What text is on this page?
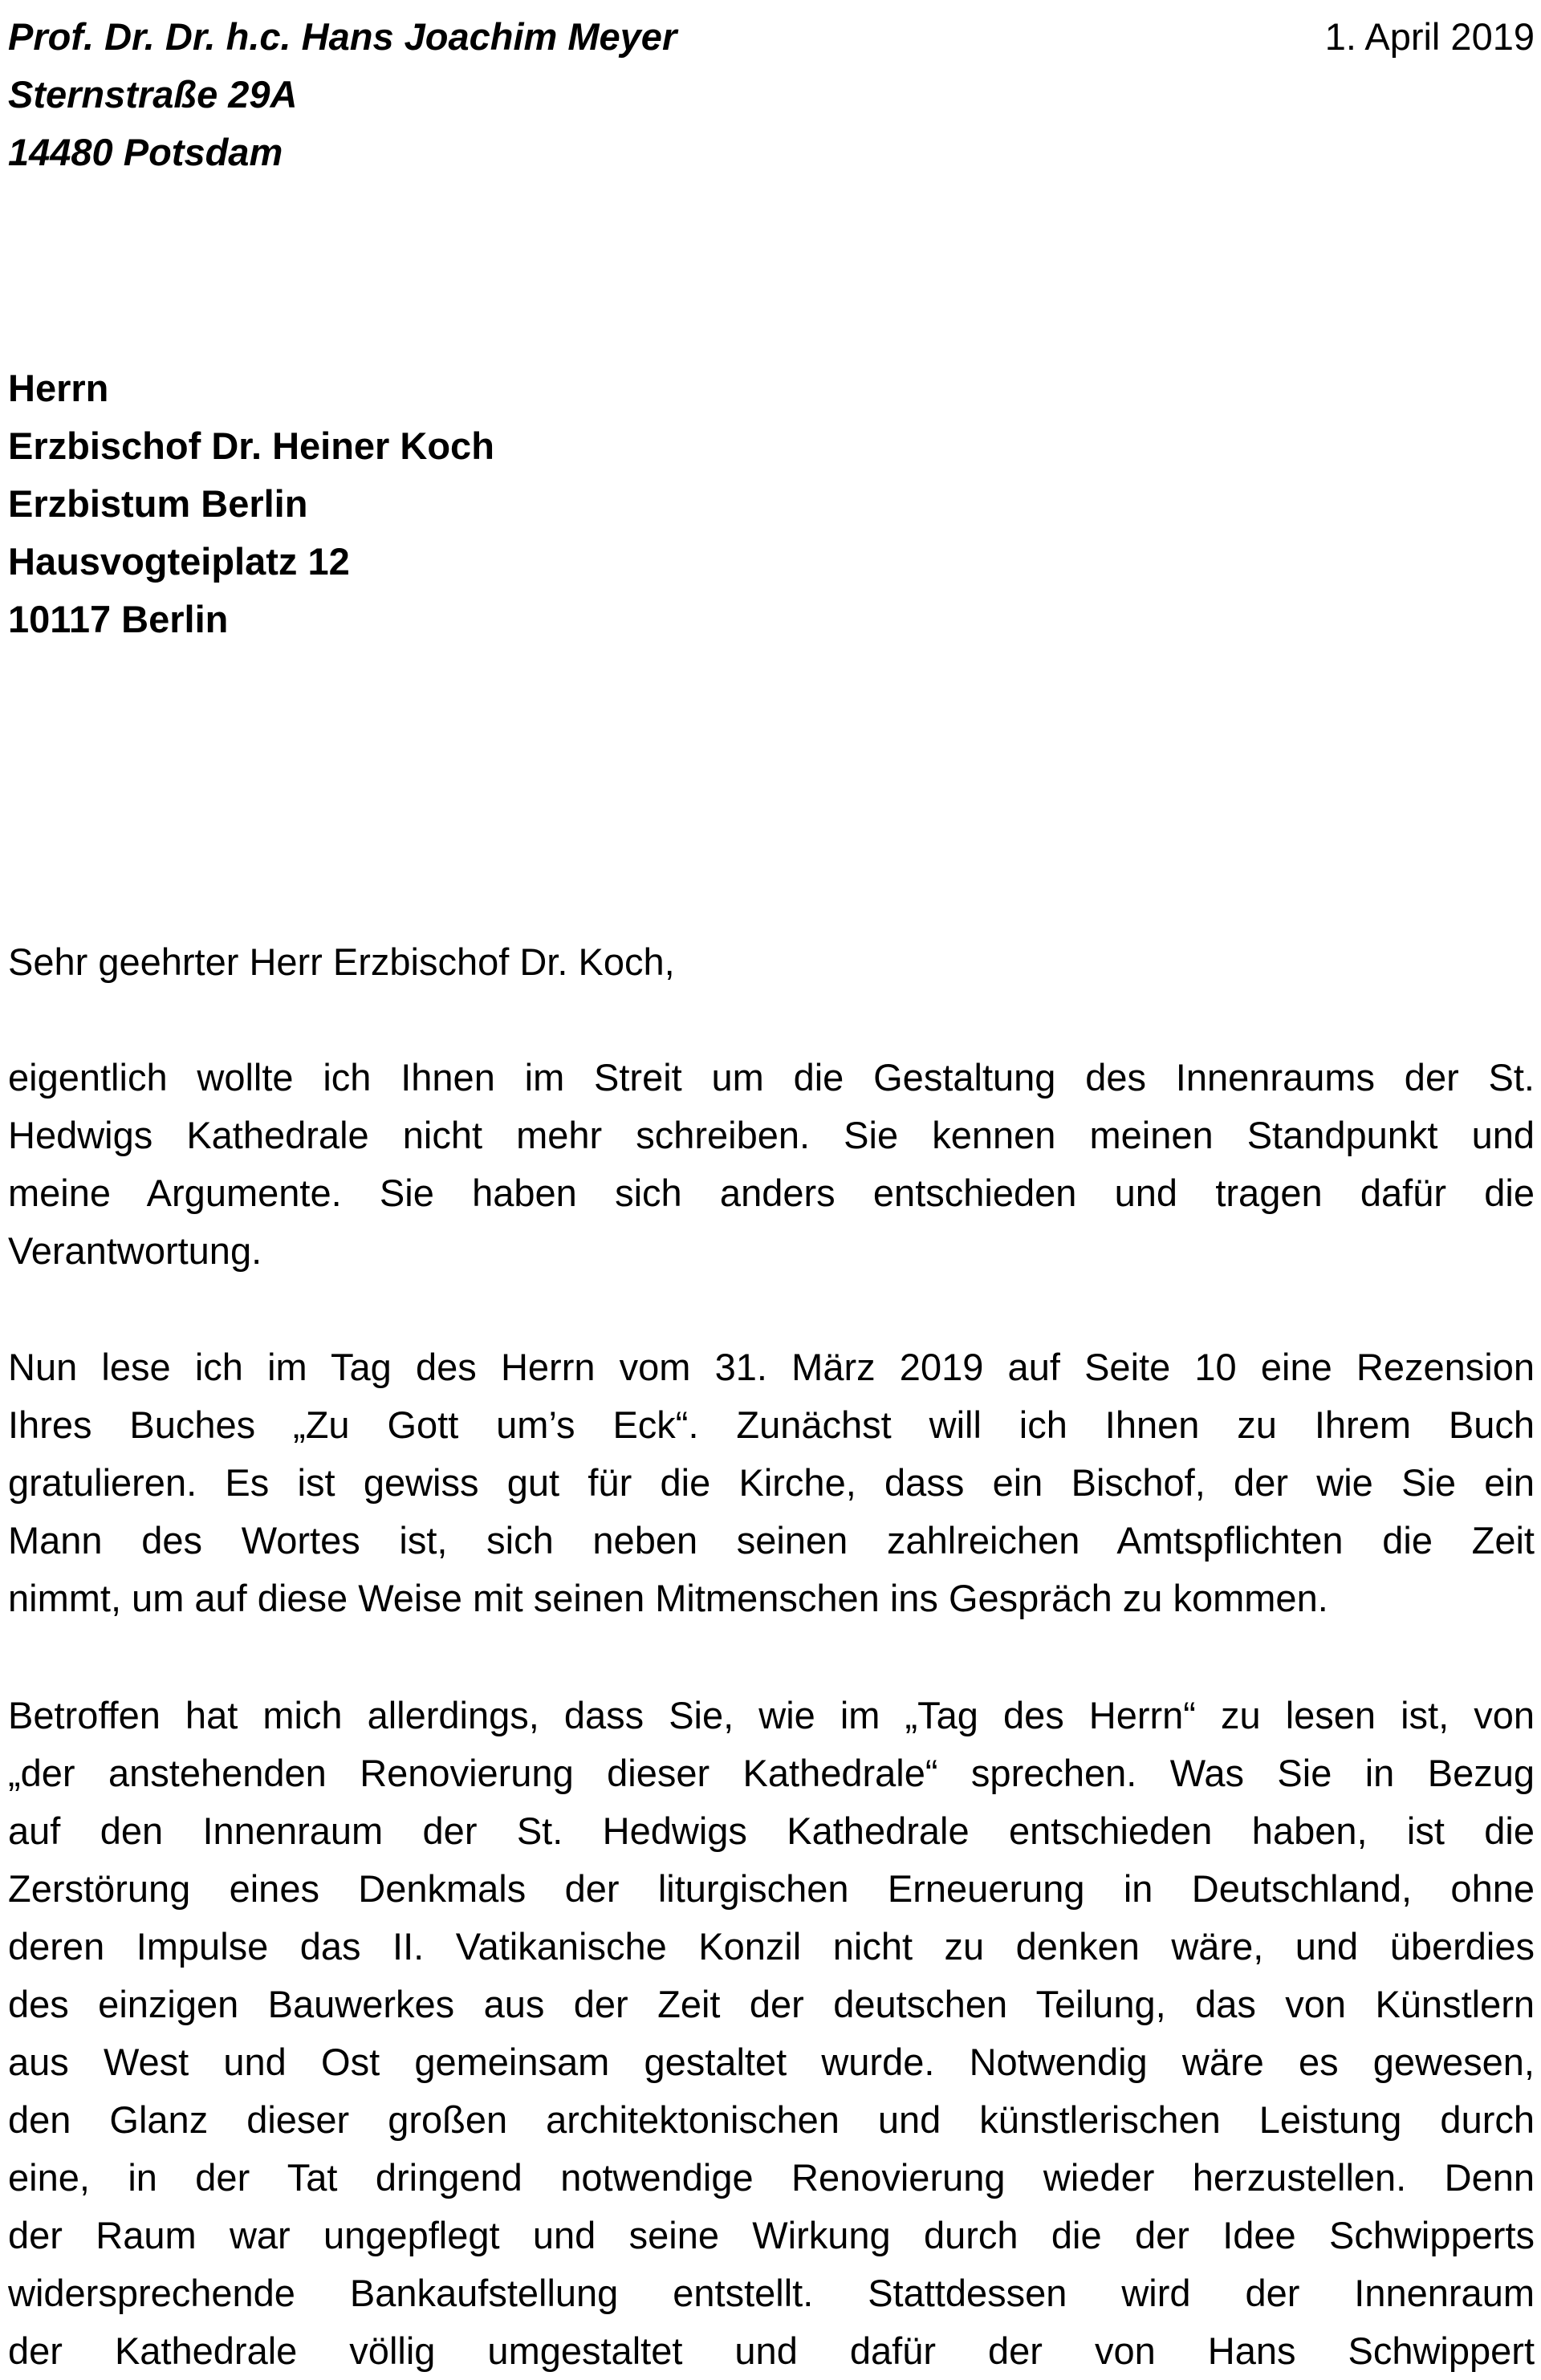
Prof. Dr. Dr. h.c. Hans Joachim Meyer
Sternstraße 29A
14480 Potsdam
1. April 2019
Herrn
Erzbischof Dr. Heiner Koch
Erzbistum Berlin
Hausvogteiplatz 12
10117 Berlin
Sehr geehrter Herr Erzbischof Dr. Koch,
eigentlich wollte ich Ihnen im Streit um die Gestaltung des Innenraums der St.
Hedwigs Kathedrale nicht mehr schreiben. Sie kennen meinen Standpunkt und
meine Argumente. Sie haben sich anders entschieden und tragen dafür die
Verantwortung.
Nun lese ich im Tag des Herrn vom 31. März 2019 auf Seite 10 eine Rezension
Ihres Buches „Zu Gott um’s Eck“. Zunächst will ich Ihnen zu Ihrem Buch
gratulieren. Es ist gewiss gut für die Kirche, dass ein Bischof, der wie Sie ein
Mann des Wortes ist, sich neben seinen zahlreichen Amtspflichten die Zeit
nimmt, um auf diese Weise mit seinen Mitmenschen ins Gespräch zu kommen.
Betroffen hat mich allerdings, dass Sie, wie im „Tag des Herrn“ zu lesen ist, von
„der anstehenden Renovierung dieser Kathedrale“ sprechen. Was Sie in Bezug
auf den Innenraum der St. Hedwigs Kathedrale entschieden haben, ist die
Zerstörung eines Denkmals der liturgischen Erneuerung in Deutschland, ohne
deren Impulse das II. Vatikanische Konzil nicht zu denken wäre, und überdies
des einzigen Bauwerkes aus der Zeit der deutschen Teilung, das von Künstlern
aus West und Ost gemeinsam gestaltet wurde. Notwendig wäre es gewesen,
den Glanz dieser großen architektonischen und künstlerischen Leistung durch
eine, in der Tat dringend notwendige Renovierung wieder herzustellen. Denn
der Raum war ungepflegt und seine Wirkung durch die der Idee Schwipperts
widersprechende Bankaufstellung entstellt. Stattdessen wird der Innenraum
der Kathedrale völlig umgestaltet und dafür der von Hans Schwippert
